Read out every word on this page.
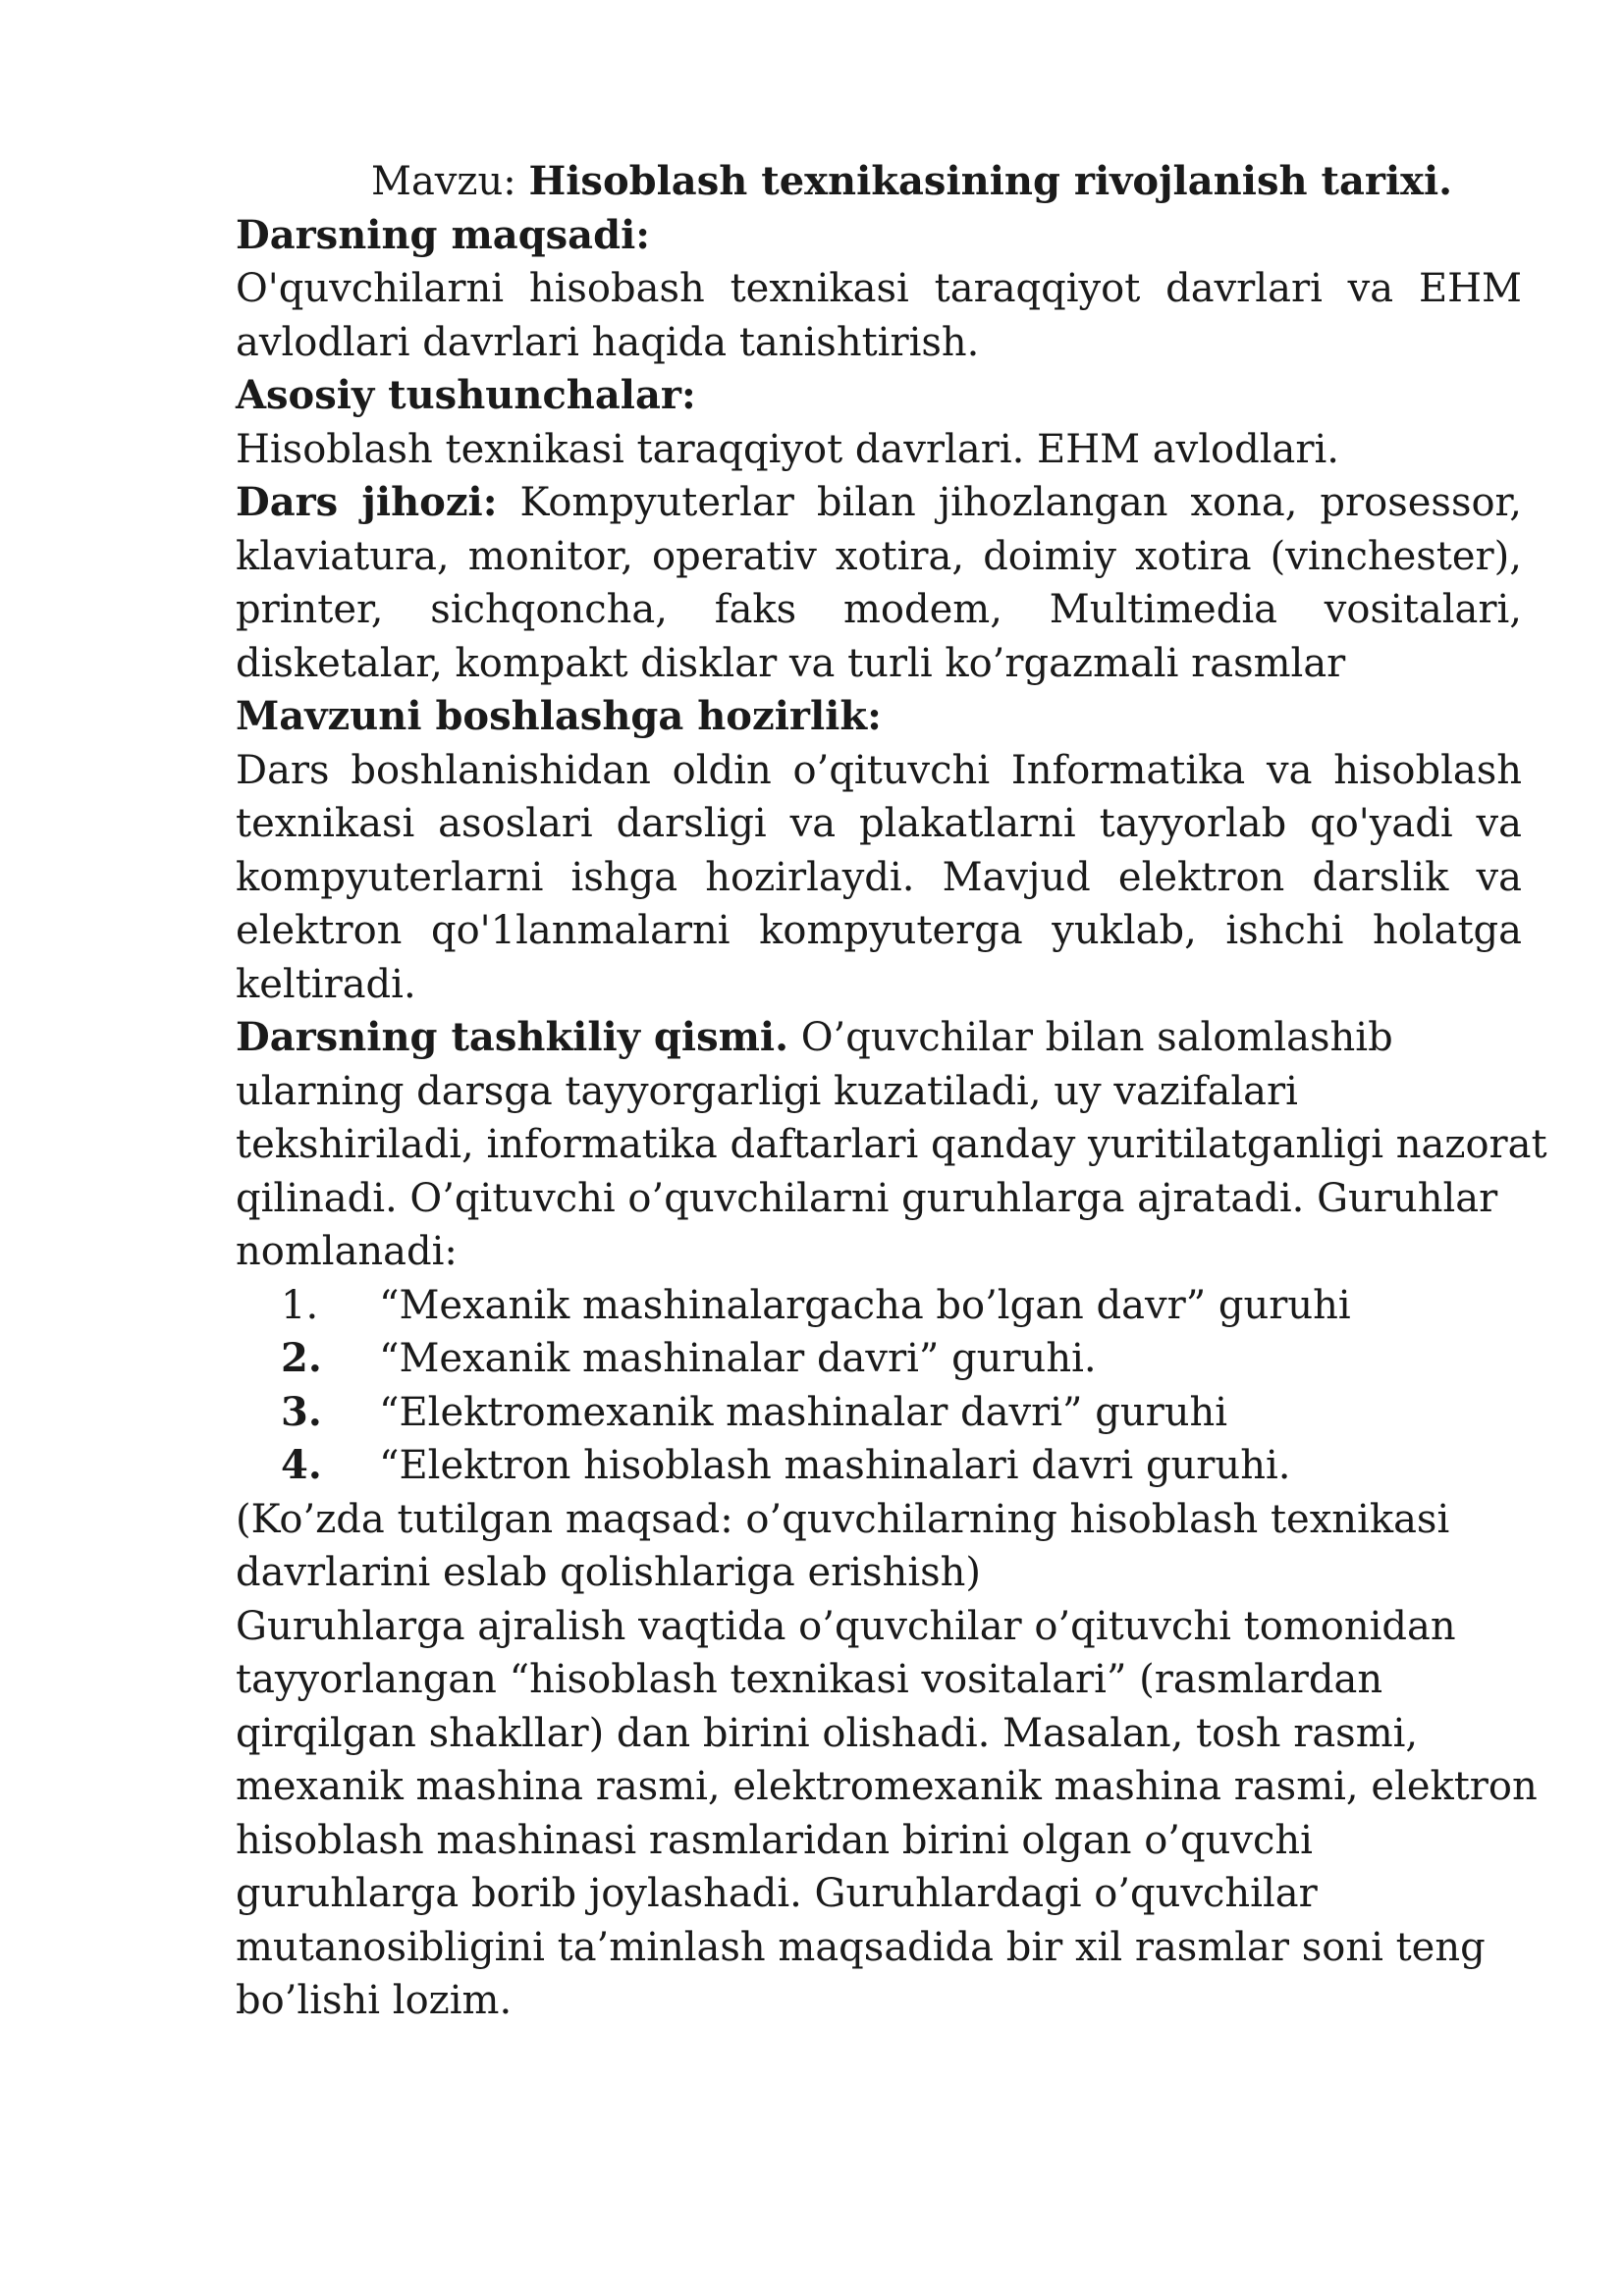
Mavzu: Hisoblash texnikasining rivojlanish tarixi.
Darsning maqsadi:
O'quvchilarni hisobash texnikasi taraqqiyot davrlari va EHM
avlodlari davrlari haqida tanishtirish.
Asosiy tushunchalar:
Hisoblash texnikasi taraqqiyot davrlari. EHM avlodlari.
Dars jihozi: Kompyuterlar bilan jihozlangan xona, prosessor,
klaviatura, monitor, operativ xotira, doimiy xotira (vinchester),
printer, sichqoncha, faks modem, Multimedia vositalari,
disketalar, kompakt disklar va turli ko’rgazmali rasmlar
Mavzuni boshlashga hozirlik:
Dars boshlanishidan oldin o’qituvchi Informatika va hisoblash
texnikasi asoslari darsligi va plakatlarni tayyorlab qo'yadi va
kompyuterlarni ishga hozirlaydi. Mavjud elektron darslik va
elektron qo'1lanmalarni kompyuterga yuklab, ishchi holatga
keltiradi.
Darsning tashkiliy qismi. O’quvchilar bilan salomlashib
ularning darsga tayyorgarligi kuzatiladi, uy vazifalari
tekshiriladi, informatika daftarlari qanday yuritilatganligi nazorat
qilinadi. O’qituvchi o’quvchilarni guruhlarga ajratadi. Guruhlar
nomlanadi:
1. “Mexanik mashinalargacha bo’lgan davr” guruhi
2. “Mexanik mashinalar davri” guruhi.
3. “Elektromexanik mashinalar davri” guruhi
4. “Elektron hisoblash mashinalari davri guruhi.
(Ko’zda tutilgan maqsad: o’quvchilarning hisoblash texnikasi
davrlarini eslab qolishlariga erishish)
Guruhlarga ajralish vaqtida o’quvchilar o’qituvchi tomonidan
tayyorlangan “hisoblash texnikasi vositalari” (rasmlardan
qirqilgan shakllar) dan birini olishadi. Masalan, tosh rasmi,
mexanik mashina rasmi, elektromexanik mashina rasmi, elektron
hisoblash mashinasi rasmlaridan birini olgan o’quvchi
guruhlarga borib joylashadi. Guruhlardagi o’quvchilar
mutanosibligini ta’minlash maqsadida bir xil rasmlar soni teng
bo’lishi lozim.
